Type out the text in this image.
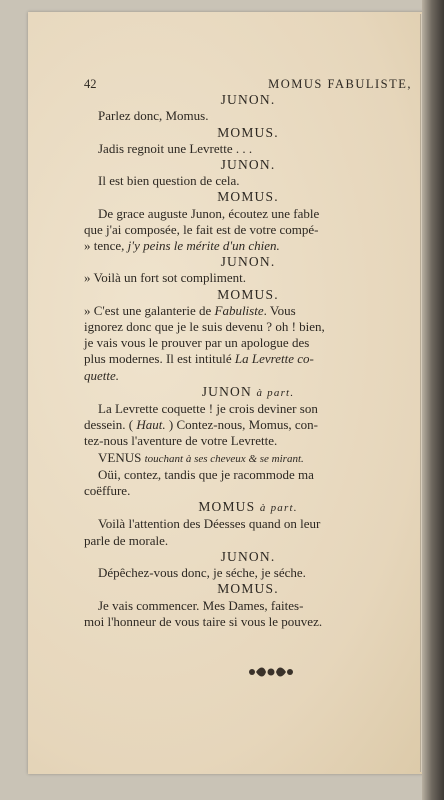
42	MOMUS FABULISTE,
JUNON.
Parlez donc, Momus.
MOMUS.
Jadis regnoit une Levrette . . .
JUNON.
Il est bien question de cela.
MOMUS.
De grace auguste Junon, écoutez une fable
que j'ai composée, le fait est de votre compé-
» tence, j'y peins le mérite d'un chien.
JUNON.
» Voilà un fort sot compliment.
MOMUS.
» C'est une galanterie de Fabuliste. Vous
ignorez donc que je le suis devenu ? oh ! bien,
je vais vous le prouver par un apologue des
plus modernes. Il est intitulé La Levrette co-
quette.
JUNON à part.
La Levrette coquette ! je crois deviner son
dessein. ( Haut. ) Contez-nous, Momus, con-
tez-nous l'aventure de votre Levrette.
VENUS touchant à ses cheveux & se mirant.
Oüi, contez, tandis que je racommode ma
coëffure.
MOMUS à part.
Voilà l'attention des Déesses quand on leur
parle de morale.
JUNON.
Dépêchez-vous donc, je séche, je séche.
MOMUS.
Je vais commencer. Mes Dames, faites-
moi l'honneur de vous taire si vous le pouvez.
